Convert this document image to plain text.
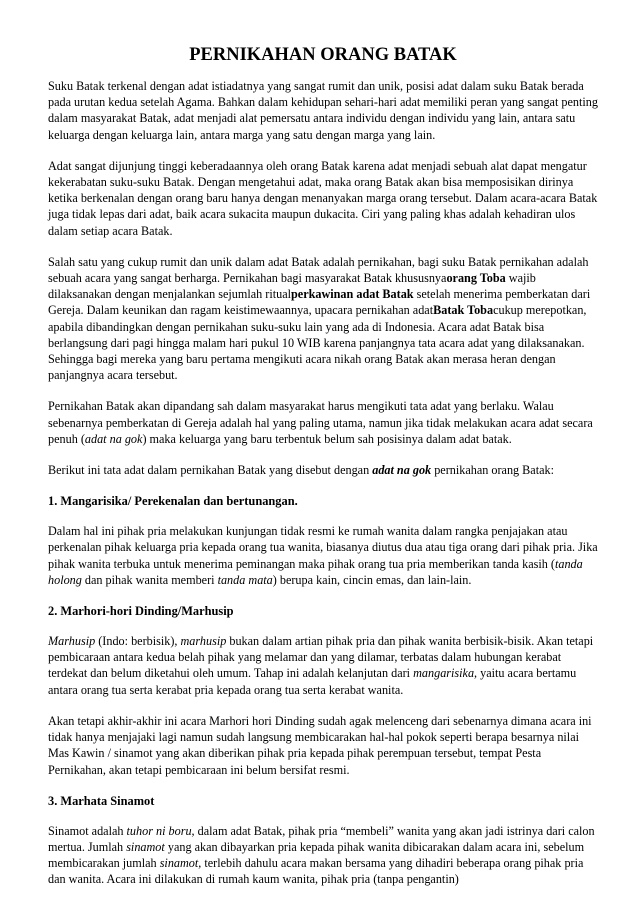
PERNIKAHAN ORANG BATAK

Suku Batak terkenal dengan adat istiadatnya yang sangat rumit dan unik, posisi adat dalam suku Batak berada pada urutan kedua setelah Agama. Bahkan dalam kehidupan sehari-hari adat memiliki peran yang sangat penting dalam masyarakat Batak, adat menjadi alat pemersatu antara individu dengan individu yang lain, antara satu keluarga dengan keluarga lain, antara marga yang satu dengan marga yang lain.

Adat sangat dijunjung tinggi keberadaannya oleh orang Batak karena adat menjadi sebuah alat dapat mengatur kekerabatan suku-suku Batak. Dengan mengetahui adat, maka orang Batak akan bisa memposisikan dirinya ketika berkenalan dengan orang baru hanya dengan menanyakan marga orang tersebut. Dalam acara-acara Batak juga tidak lepas dari adat, baik acara sukacita maupun dukacita. Ciri yang paling khas adalah kehadiran ulos dalam setiap acara Batak.

Salah satu yang cukup rumit dan unik dalam adat Batak adalah pernikahan, bagi suku Batak pernikahan adalah sebuah acara yang sangat berharga. Pernikahan bagi masyarakat Batak khususnyaorang Toba wajib dilaksanakan dengan menjalankan sejumlah ritualperkawinan adat Batak setelah menerima pemberkatan dari Gereja. Dalam keunikan dan ragam keistimewaannya, upacara pernikahan adatBatak Tobacukup merepotkan, apabila dibandingkan dengan pernikahan suku-suku lain yang ada di Indonesia. Acara adat Batak bisa berlangsung dari pagi hingga malam hari pukul 10 WIB karena panjangnya tata acara adat yang dilaksanakan. Sehingga bagi mereka yang baru pertama mengikuti acara nikah orang Batak akan merasa heran dengan panjangnya acara tersebut.

Pernikahan Batak akan dipandang sah dalam masyarakat harus mengikuti tata adat yang berlaku. Walau sebenarnya pemberkatan di Gereja adalah hal yang paling utama, namun jika tidak melakukan acara adat secara penuh (adat na gok) maka keluarga yang baru terbentuk belum sah posisinya dalam adat batak.

Berikut ini tata adat dalam pernikahan Batak yang disebut dengan adat na gok pernikahan orang Batak:

1. Mangarisika/ Perekenalan dan bertunangan.

Dalam hal ini pihak pria melakukan kunjungan tidak resmi ke rumah wanita dalam rangka penjajakan atau perkenalan pihak keluarga pria kepada orang tua wanita, biasanya diutus dua atau tiga orang dari pihak pria. Jika pihak wanita terbuka untuk menerima peminangan maka pihak orang tua pria memberikan tanda kasih (tanda holong dan pihak wanita memberi tanda mata) berupa kain, cincin emas, dan lain-lain.

2. Marhori-hori Dinding/Marhusip

Marhusip (Indo: berbisik), marhusip bukan dalam artian pihak pria dan pihak wanita berbisik-bisik. Akan tetapi pembicaraan antara kedua belah pihak yang melamar dan yang dilamar, terbatas dalam hubungan kerabat terdekat dan belum diketahui oleh umum. Tahap ini adalah kelanjutan dari mangarisika, yaitu acara bertamu antara orang tua serta kerabat pria kepada orang tua serta kerabat wanita.

Akan tetapi akhir-akhir ini acara Marhori hori Dinding sudah agak melenceng dari sebenarnya dimana acara ini tidak hanya menjajaki lagi namun sudah langsung membicarakan hal-hal pokok seperti berapa besarnya nilai Mas Kawin / sinamot yang akan diberikan pihak pria kepada pihak perempuan tersebut, tempat Pesta Pernikahan, akan tetapi pembicaraan ini belum bersifat resmi.

3. Marhata Sinamot

Sinamot adalah tuhor ni boru, dalam adat Batak, pihak pria “membeli” wanita yang akan jadi istrinya dari calon mertua. Jumlah sinamot yang akan dibayarkan pria kepada pihak wanita dibicarakan dalam acara ini, sebelum membicarakan jumlah sinamot, terlebih dahulu acara makan bersama yang dihadiri beberapa orang pihak pria dan wanita. Acara ini dilakukan di rumah kaum wanita, pihak pria (tanpa pengantin)
